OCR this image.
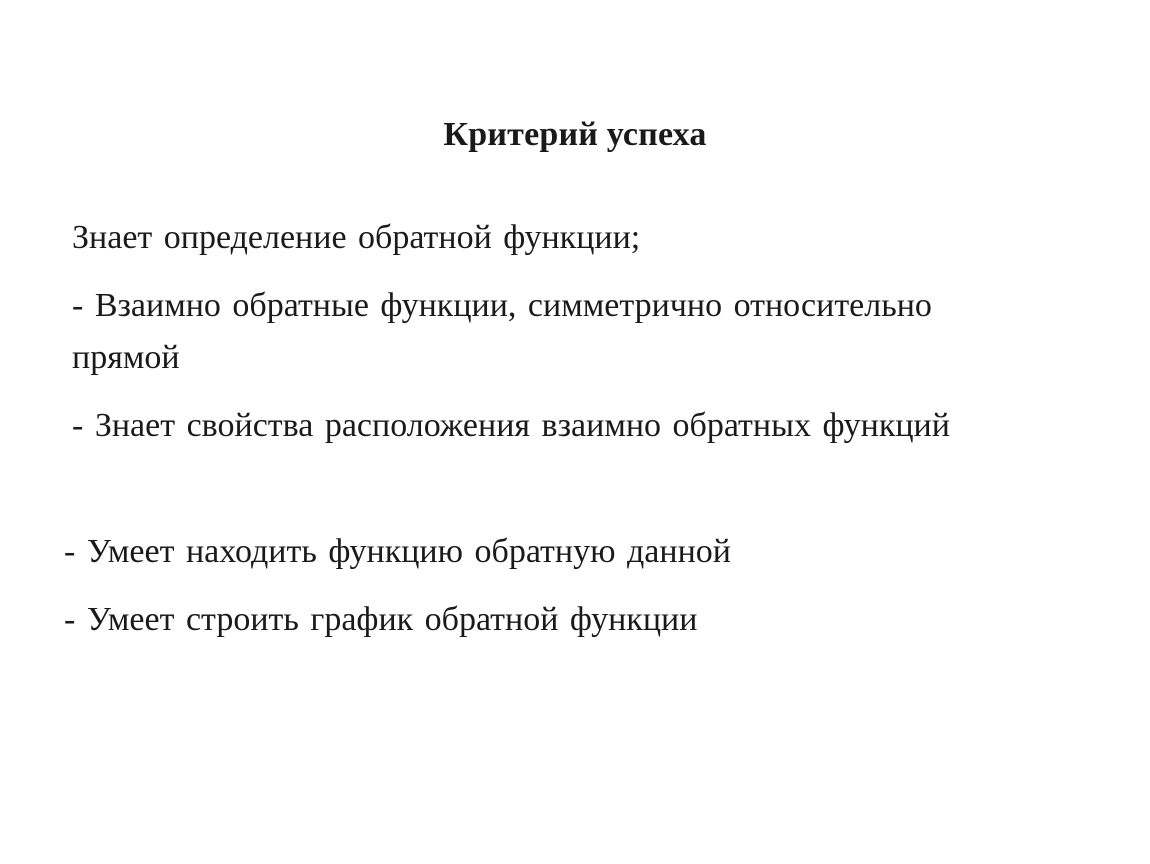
Критерий успеха

Знает определение обратной функции;

- Взаимно обратные функции, симметрично относительно

прямой

- Знает свойства расположения взаимно обратных функций

- Умеет находить функцию обратную данной

- Умеет строить график обратной функции
